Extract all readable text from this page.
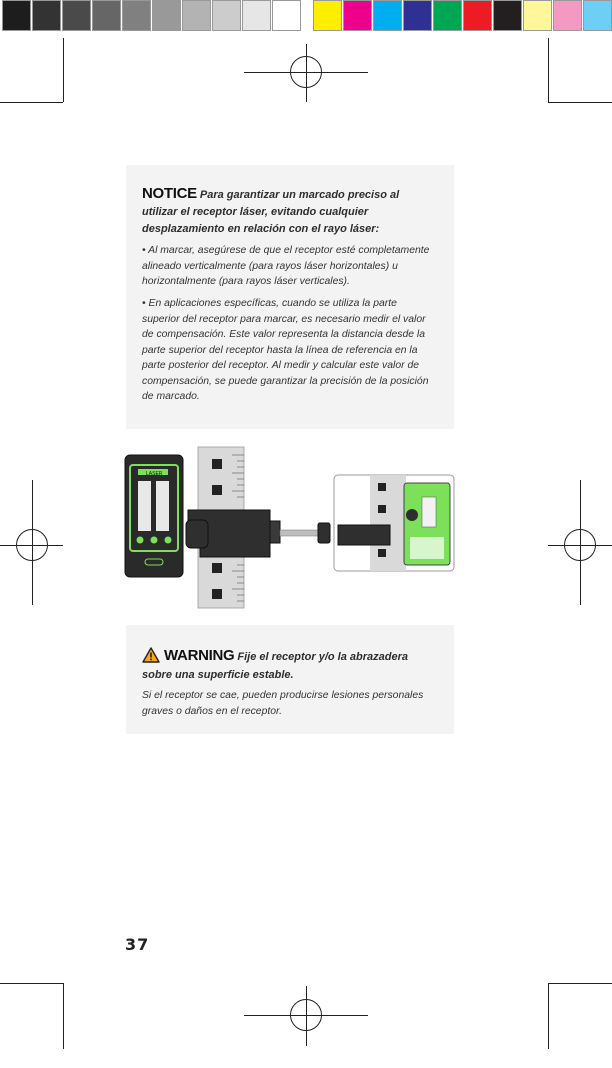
NOTICE Para garantizar un marcado preciso al utilizar el receptor láser, evitando cualquier desplazamiento en relación con el rayo láser:
• Al marcar, asegúrese de que el receptor esté completamente alineado verticalmente (para rayos láser horizontales) u horizontalmente (para rayos láser verticales).
• En aplicaciones específicas, cuando se utiliza la parte superior del receptor para marcar, es necesario medir el valor de compensación. Este valor representa la distancia desde la parte superior del receptor hasta la línea de referencia en la parte posterior del receptor. Al medir y calcular este valor de compensación, se puede garantizar la precisión de la posición de marcado.
LASER
WARNING Fije el receptor y/o la abrazadera sobre una superficie estable.
Si el receptor se cae, pueden producirse lesiones personales graves o daños en el receptor.
37
